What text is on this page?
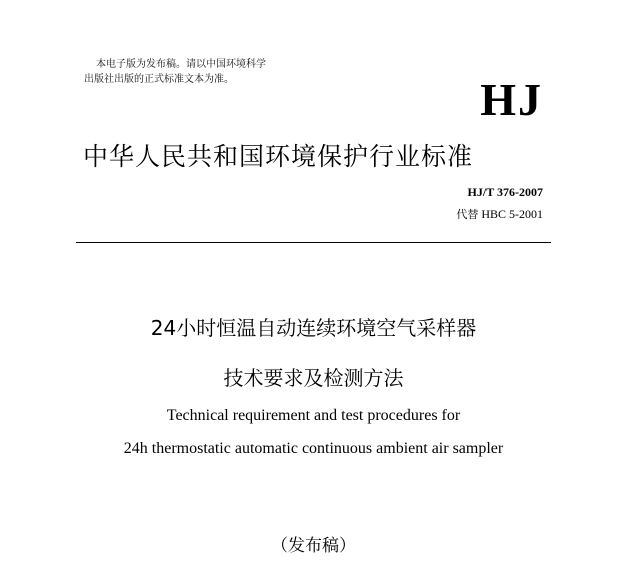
本电子版为发布稿。请以中国环境科学
出版社出版的正式标准文本为准。	HJ
中华人民共和国环境保护行业标准
HJ/T 376-2007
代替 HBC 5-2001
24小时恒温自动连续环境空气采样器
技术要求及检测方法
Technical requirement and test procedures for
24h thermostatic automatic continuous ambient air sampler
（发布稿）
